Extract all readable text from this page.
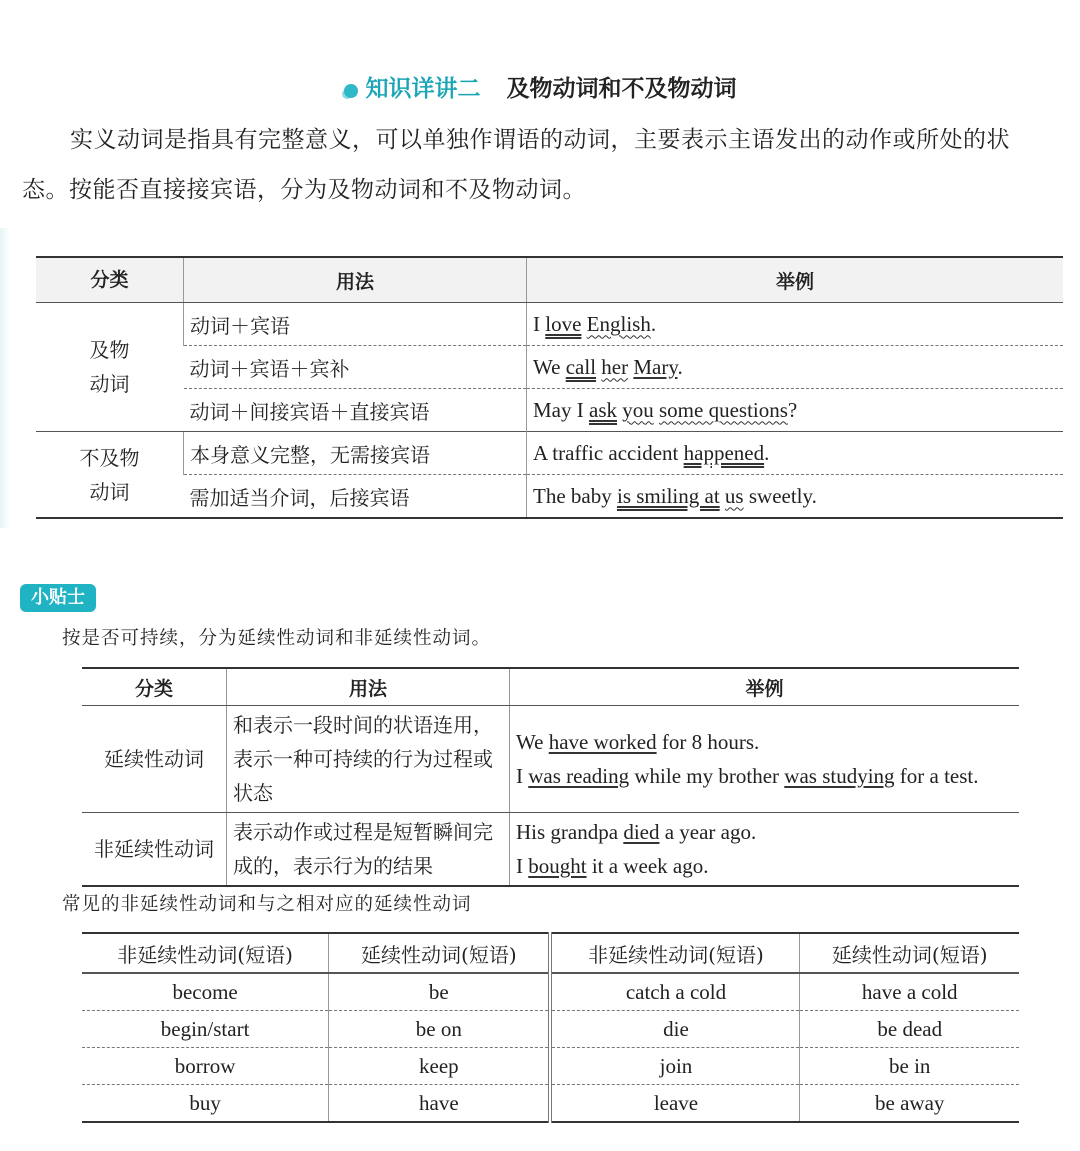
知识详讲二 及物动词和不及物动词
实义动词是指具有完整意义，可以单独作谓语的动词，主要表示主语发出的动作或所处的状
态。按能否直接接宾语，分为及物动词和不及物动词。
分类	用法	举例

及物
动词	动词＋宾语	I love English.
	动词＋宾语＋宾补	We call her Mary.
	动词＋间接宾语＋直接宾语	May I ask you some questions?

不及物
动词	本身意义完整，无需接宾语	A traffic accident happened.
	需加适当介词，后接宾语	The baby is smiling at us sweetly.
小贴士
按是否可持续，分为延续性动词和非延续性动词。
分类	用法	举例
延续性动词	和表示一段时间的状语连用，表示一种可持续的行为过程或状态	We have worked for 8 hours.
I was reading while my brother was studying for a test.

非延续性动词	表示动作或过程是短暂瞬间完成的，表示行为的结果	His grandpa died a year ago.
I bought it a week ago.
常见的非延续性动词和与之相对应的延续性动词
非延续性动词(短语)	延续性动词(短语)	非延续性动词(短语)	延续性动词(短语)
become	be	catch a cold	have a cold
begin/start	be on	die	be dead
borrow	keep	join	be in
buy	have	leave	be away
